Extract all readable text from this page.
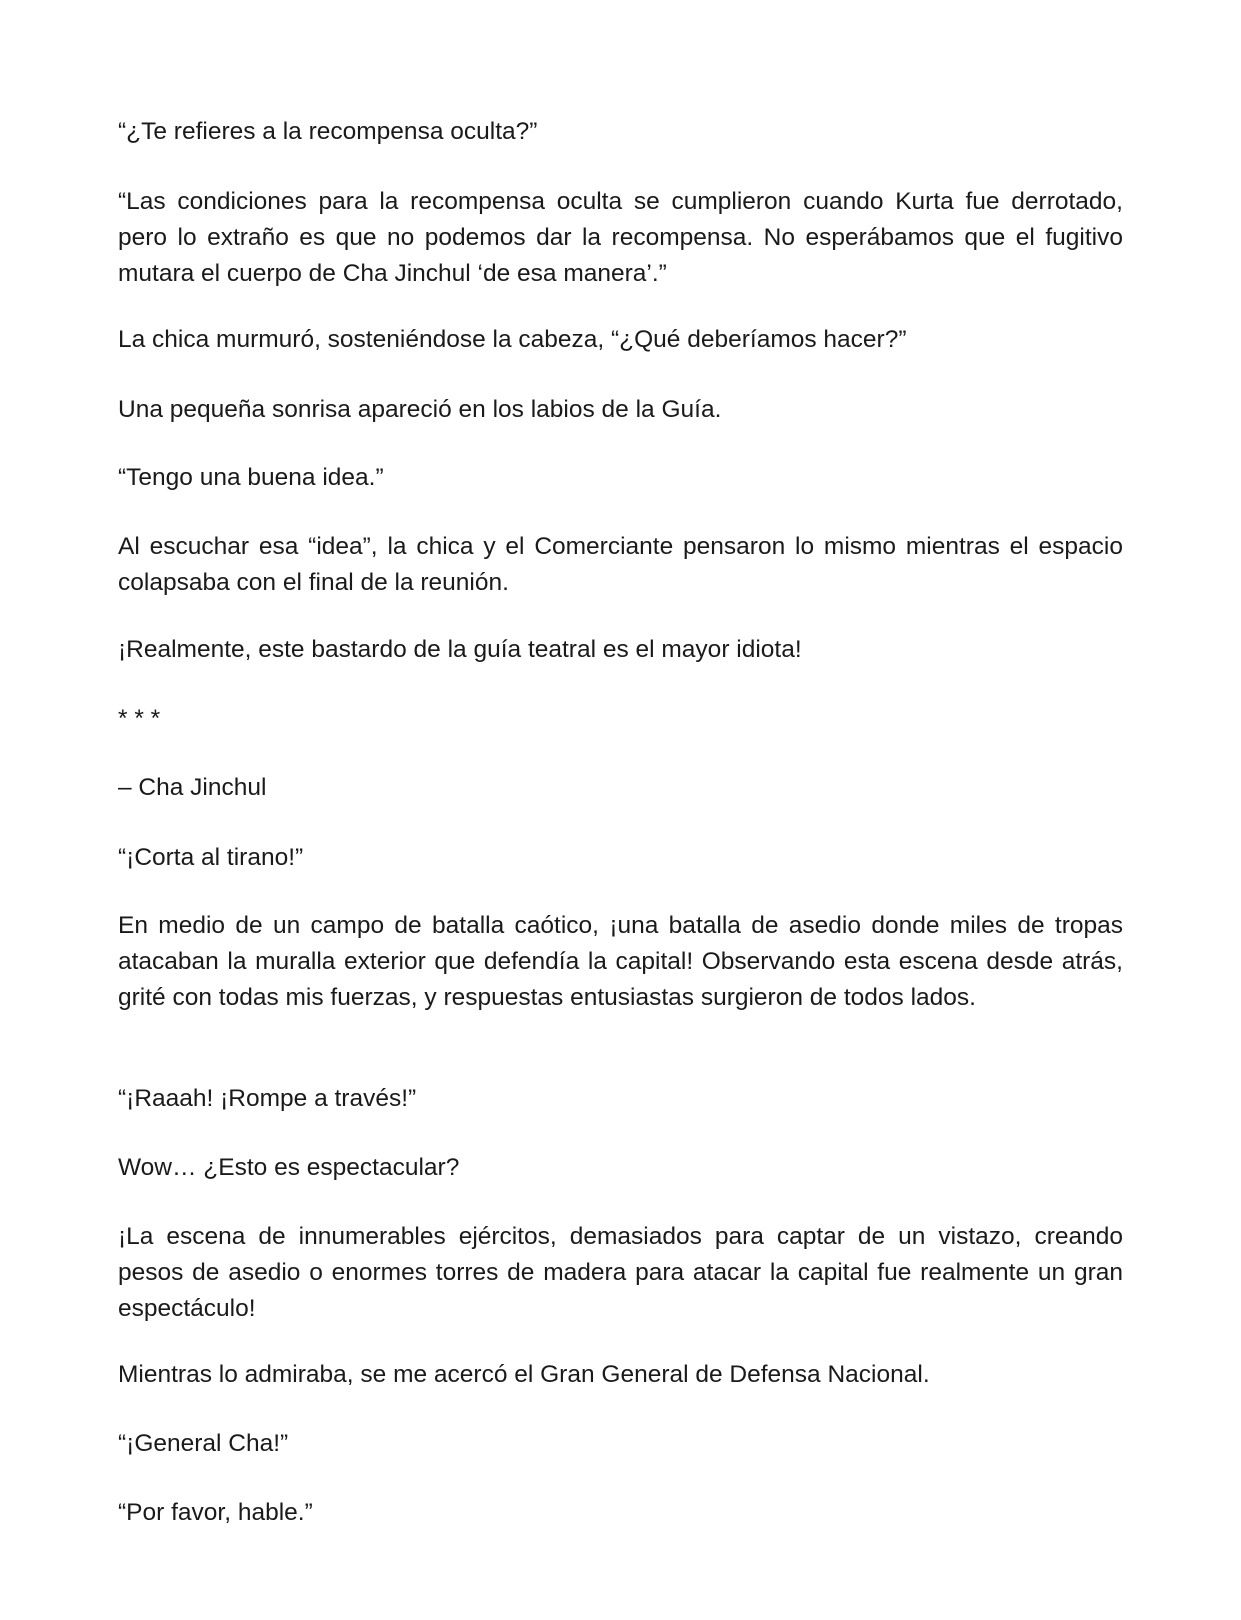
“¿Te refieres a la recompensa oculta?”

“Las condiciones para la recompensa oculta se cumplieron cuando Kurta fue derrotado, pero lo extraño es que no podemos dar la recompensa. No esperábamos que el fugitivo mutara el cuerpo de Cha Jinchul ‘de esa manera’.”

La chica murmuró, sosteniéndose la cabeza, “¿Qué deberíamos hacer?”

Una pequeña sonrisa apareció en los labios de la Guía.

“Tengo una buena idea.”

Al escuchar esa “idea”, la chica y el Comerciante pensaron lo mismo mientras el espacio colapsaba con el final de la reunión.

¡Realmente, este bastardo de la guía teatral es el mayor idiota!

* * *

– Cha Jinchul

“¡Corta al tirano!”

En medio de un campo de batalla caótico, ¡una batalla de asedio donde miles de tropas atacaban la muralla exterior que defendía la capital! Observando esta escena desde atrás, grité con todas mis fuerzas, y respuestas entusiastas surgieron de todos lados.

“¡Raaah! ¡Rompe a través!”

Wow… ¿Esto es espectacular?

¡La escena de innumerables ejércitos, demasiados para captar de un vistazo, creando pesos de asedio o enormes torres de madera para atacar la capital fue realmente un gran espectáculo!

Mientras lo admiraba, se me acercó el Gran General de Defensa Nacional.

“¡General Cha!”

“Por favor, hable.”
